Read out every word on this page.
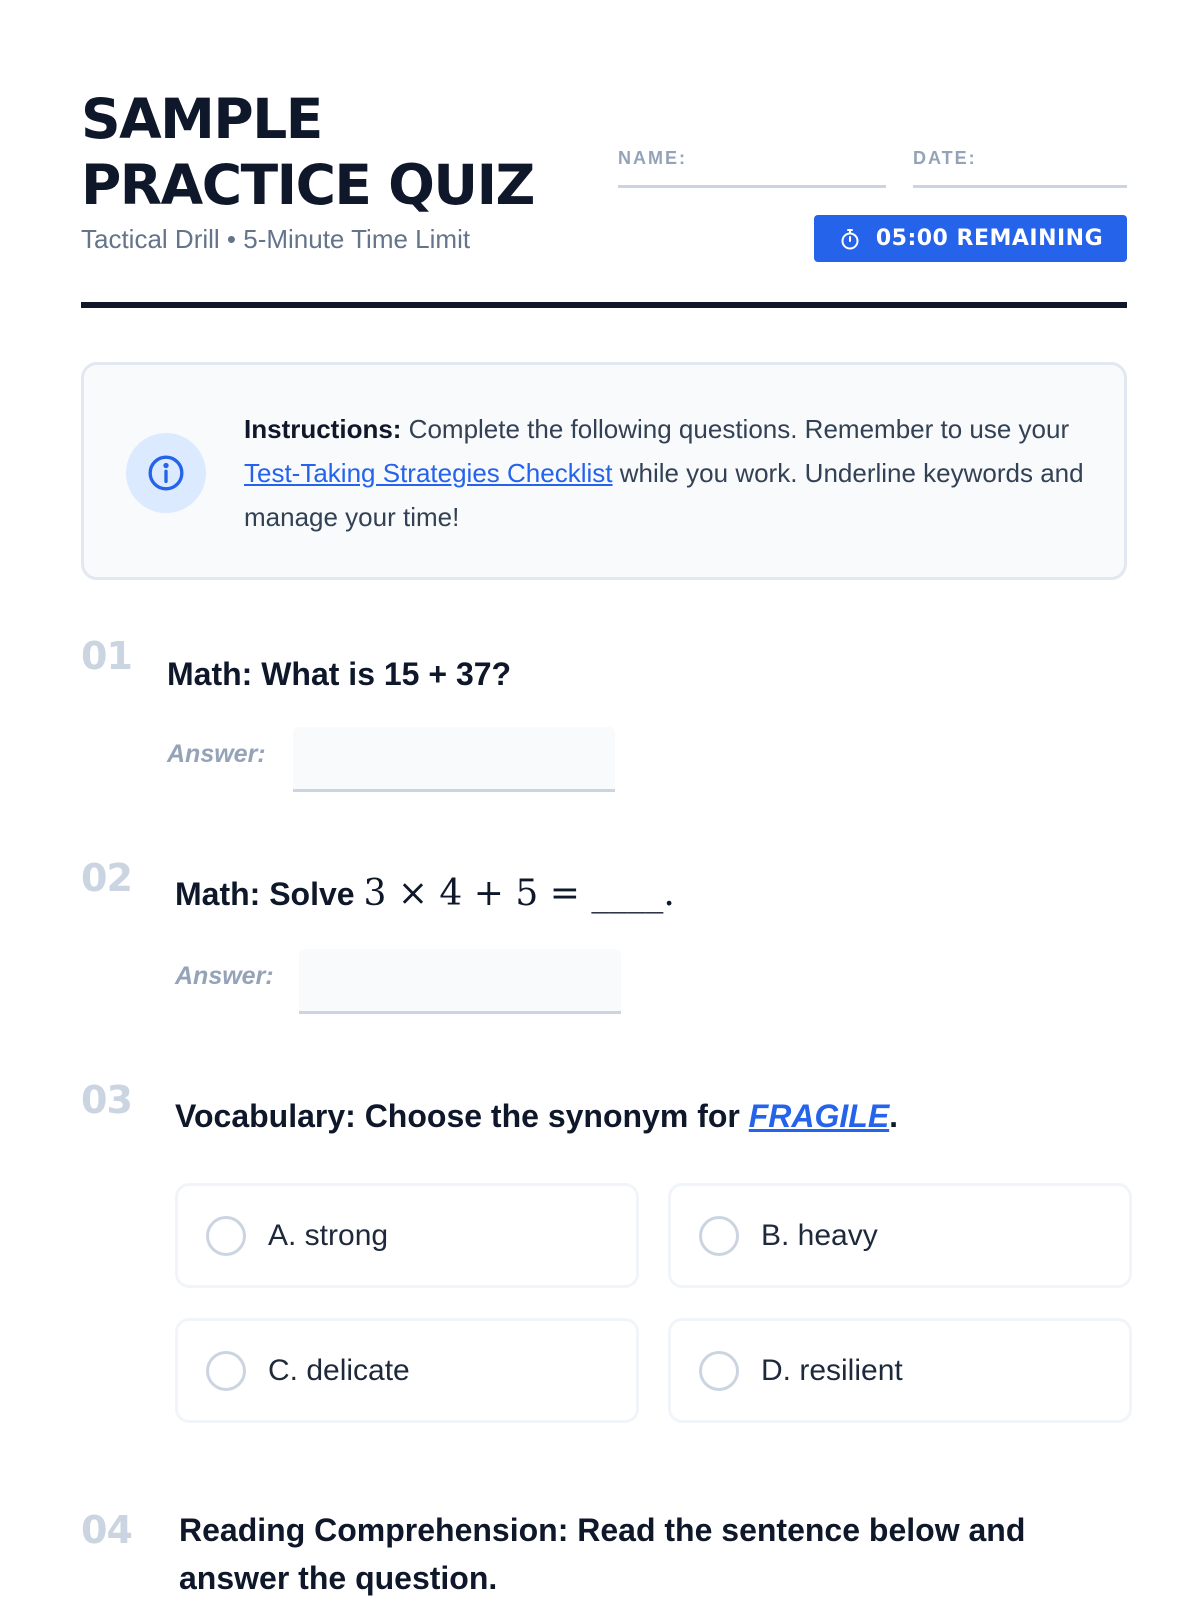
SAMPLE
PRACTICE QUIZ
Tactical Drill • 5-Minute Time Limit
NAME:	DATE:
05:00 REMAINING
Instructions: Complete the following questions. Remember to use your Test-Taking Strategies Checklist while you work. Underline keywords and manage your time!
01 Math: What is 15 + 37?
Answer:
02 Math: Solve 3 × 4 + 5 = ____.
Answer:
03 Vocabulary: Choose the synonym for FRAGILE.
A. strong	B. heavy
C. delicate	D. resilient
04 Reading Comprehension: Read the sentence below and answer the question.
